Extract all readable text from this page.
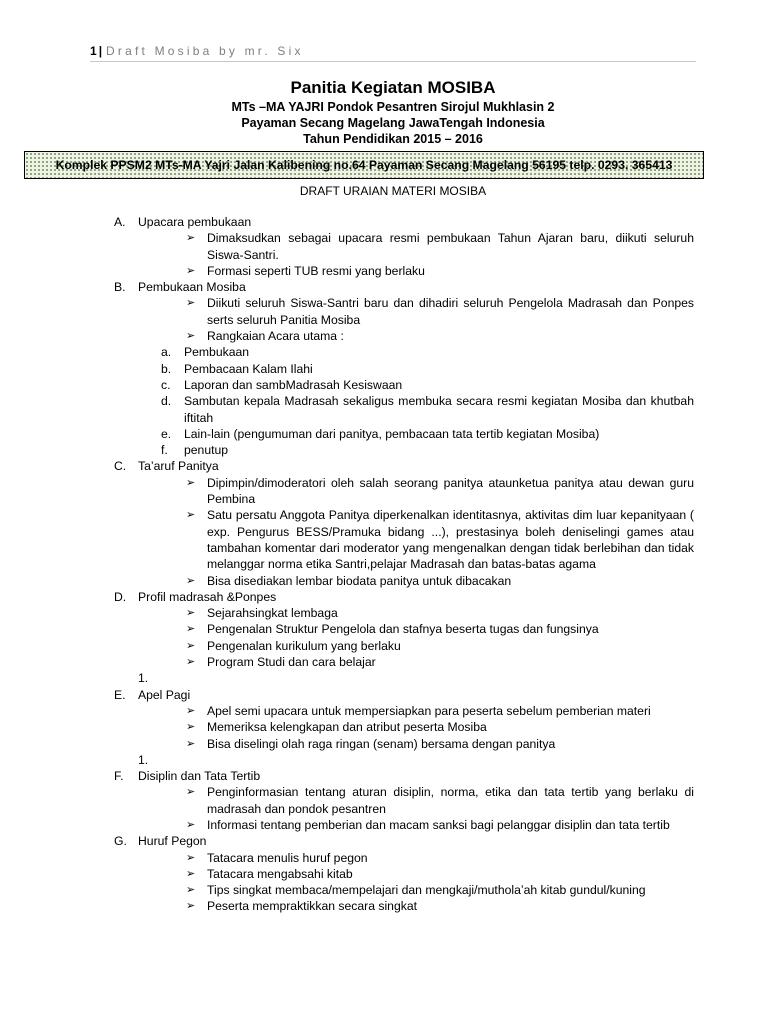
1| Draft Mosiba by mr. Six
Panitia Kegiatan MOSIBA
MTs –MA YAJRI Pondok Pesantren Sirojul Mukhlasin 2
Payaman Secang Magelang JawaTengah Indonesia
Tahun Pendidikan 2015 – 2016
Komplek PPSM2 MTs-MA Yajri Jalan Kalibening no.64 Payaman Secang Magelang 56195 telp. 0293. 365413
DRAFT URAIAN MATERI MOSIBA
A. Upacara pembukaan
➢ Dimaksudkan sebagai upacara resmi pembukaan Tahun Ajaran baru, diikuti seluruh Siswa-Santri.
➢ Formasi seperti TUB resmi yang berlaku
B. Pembukaan Mosiba
➢ Diikuti seluruh Siswa-Santri baru dan dihadiri seluruh Pengelola Madrasah dan Ponpes serts seluruh Panitia Mosiba
➢ Rangkaian Acara utama :
a. Pembukaan
b. Pembacaan Kalam Ilahi
c. Laporan dan sambMadrasah Kesiswaan
d. Sambutan kepala Madrasah sekaligus membuka secara resmi kegiatan Mosiba dan khutbah iftitah
e. Lain-lain (pengumuman dari panitya, pembacaan tata tertib kegiatan Mosiba)
f. penutup
C. Ta’aruf Panitya
➢ Dipimpin/dimoderatori oleh salah seorang panitya ataunketua panitya atau dewan guru Pembina
➢ Satu persatu Anggota Panitya diperkenalkan identitasnya, aktivitas dim luar kepanityaan ( exp. Pengurus BESS/Pramuka bidang ...), prestasinya boleh deniselingi games atau tambahan komentar dari moderator yang mengenalkan dengan tidak berlebihan dan tidak melanggar norma etika Santri,pelajar Madrasah dan batas-batas agama
➢ Bisa disediakan lembar biodata panitya untuk dibacakan
D. Profil madrasah &Ponpes
➢ Sejarahsingkat lembaga
➢ Pengenalan Struktur Pengelola dan stafnya beserta tugas dan fungsinya
➢ Pengenalan kurikulum yang berlaku
➢ Program Studi dan cara belajar
1.
E. Apel Pagi
➢ Apel semi upacara untuk mempersiapkan para peserta sebelum pemberian materi
➢ Memeriksa kelengkapan dan atribut peserta Mosiba
➢ Bisa diselingi olah raga ringan (senam) bersama dengan panitya
1.
F. Disiplin dan Tata Tertib
➢ Penginformasian tentang aturan disiplin, norma, etika dan tata tertib yang berlaku di madrasah dan pondok pesantren
➢ Informasi tentang pemberian dan macam sanksi bagi pelanggar disiplin dan tata tertib
G. Huruf Pegon
➢ Tatacara menulis huruf pegon
➢ Tatacara mengabsahi kitab
➢ Tips singkat membaca/mempelajari dan mengkaji/mutholaʼah kitab gundul/kuning
➢ Peserta mempraktikkan secara singkat
